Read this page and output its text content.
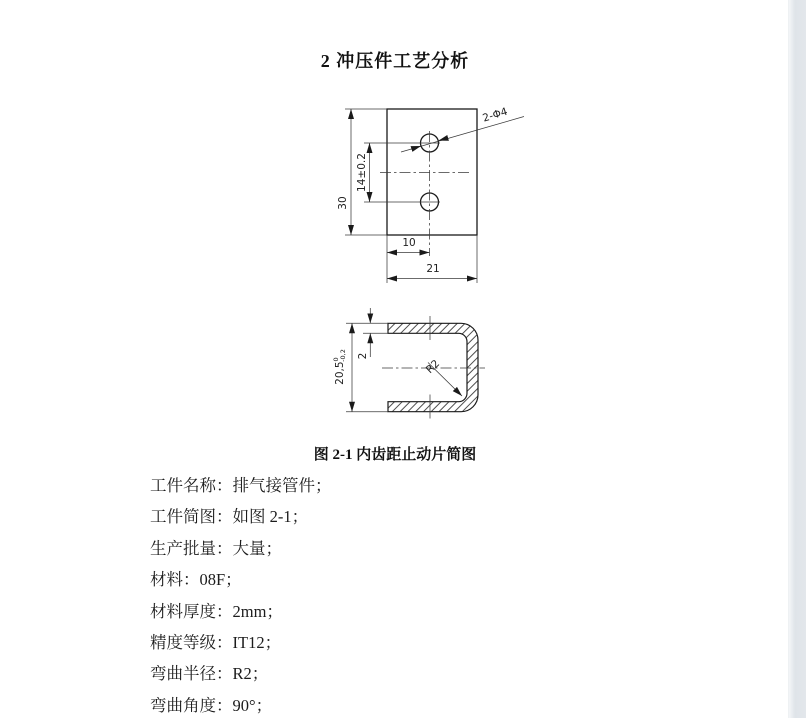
2 冲压件工艺分析
30
14±0.2
2-Φ4
10
21
20,5$^0$-0,2 2
R2
图 2-1 内齿距止动片简图
工件名称：排气接管件；
工件简图：如图 2-1；
生产批量：大量；
材料：08F；
材料厚度：2mm；
精度等级：IT12；
弯曲半径：R2；
弯曲角度：90°；
